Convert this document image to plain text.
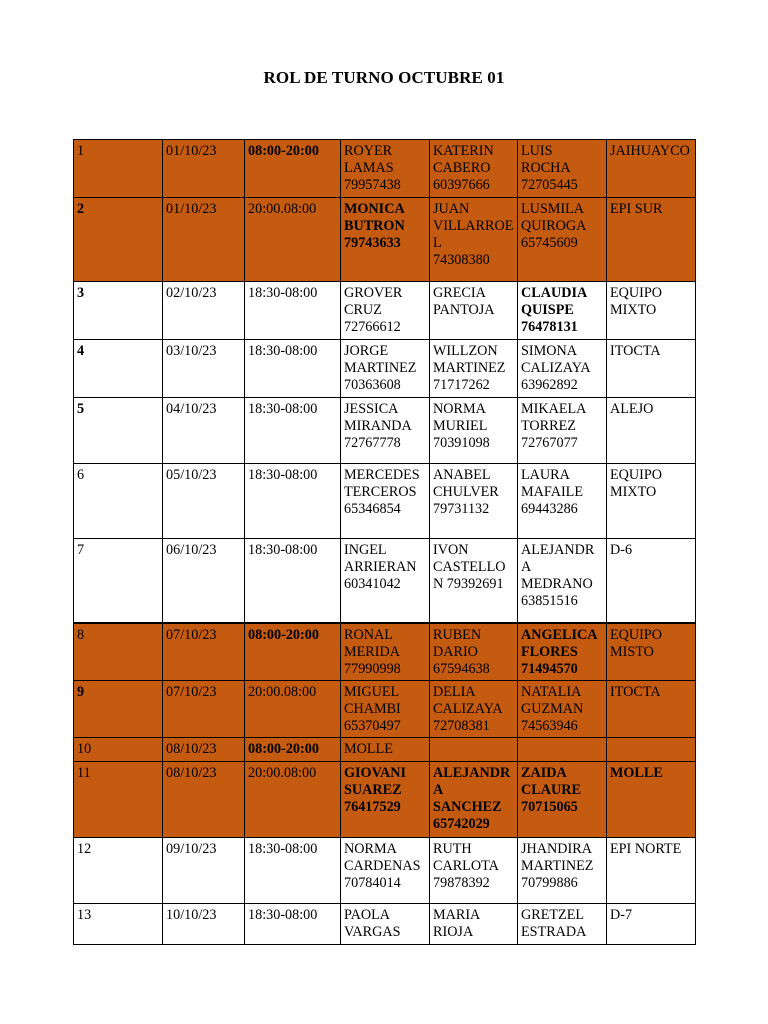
ROL DE TURNO OCTUBRE 01
1	01/10/23	08:00-20:00	ROYER
LAMAS
79957438	KATERIN
CABERO
60397666	LUIS
ROCHA
72705445	JAIHUAYCO
2	01/10/23	20:00.08:00	MONICA
BUTRON
79743633	JUAN
VILLARROEL
74308380	LUSMILA
QUIROGA
65745609	EPI SUR
3	02/10/23	18:30-08:00	GROVER
CRUZ
72766612	GRECIA
PANTOJA	CLAUDIA
QUISPE
76478131	EQUIPO
MIXTO
4	03/10/23	18:30-08:00	JORGE
MARTINEZ
70363608	WILLZON
MARTINEZ
71717262	SIMONA
CALIZAYA
63962892	ITOCTA
5	04/10/23	18:30-08:00	JESSICA
MIRANDA
72767778	NORMA
MURIEL
70391098	MIKAELA
TORREZ
72767077	ALEJO
6	05/10/23	18:30-08:00	MERCEDES
TERCEROS
65346854	ANABEL
CHULVER
79731132	LAURA
MAFAILE
69443286	EQUIPO
MIXTO
7	06/10/23	18:30-08:00	INGEL
ARRIERAN
60341042	IVON
CASTELLON 79392691	ALEJANDRA
MEDRANO
63851516	D-6
8	07/10/23	08:00-20:00	RONAL
MERIDA
77990998	RUBEN
DARIO
67594638	ANGELICA FLORES
71494570	EQUIPO
MISTO
9	07/10/23	20:00.08:00	MIGUEL
CHAMBI
65370497	DELIA
CALIZAYA
72708381	NATALIA
GUZMAN
74563946	ITOCTA
10	08/10/23	08:00-20:00	MOLLE			
11	08/10/23	20:00.08:00	GIOVANI
SUAREZ
76417529	ALEJANDRA
SANCHEZ
65742029	ZAIDA
CLAURE
70715065	MOLLE
12	09/10/23	18:30-08:00	NORMA
CARDENAS 70784014	RUTH
CARLOTA
79878392	JHANDIRA
MARTINEZ
70799886	EPI NORTE
13	10/10/23	18:30-08:00	PAOLA
VARGAS	MARIA
RIOJA	GRETZEL
ESTRADA	D-7
